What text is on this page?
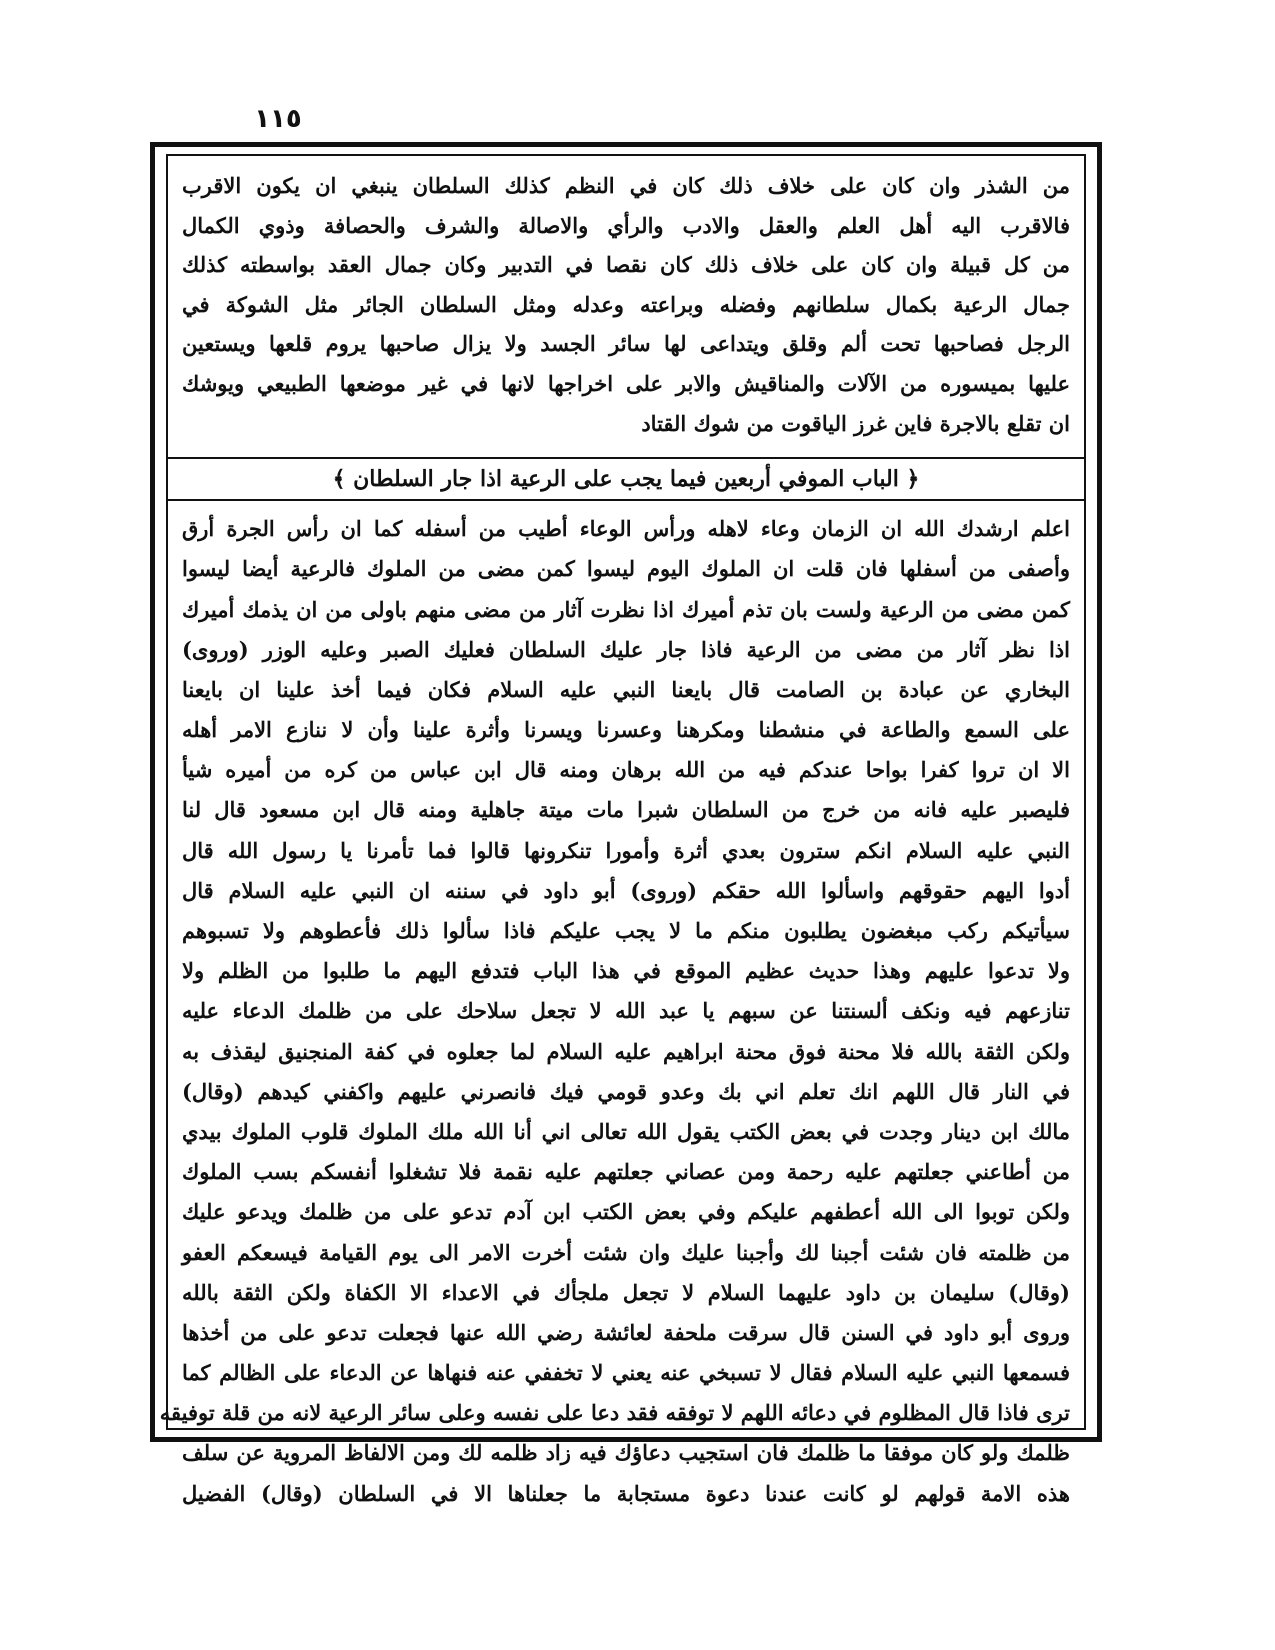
١١٥
من الشذر وان كان على خلاف ذلك كان في النظم كذلك السلطان ينبغي ان يكون الاقرب
فالاقرب اليه أهل العلم والعقل والادب والرأي والاصالة والشرف والحصافة وذوي الكمال
من كل قبيلة وان كان على خلاف ذلك كان نقصا في التدبير وكان جمال العقد بواسطته كذلك
جمال الرعية بكمال سلطانهم وفضله وبراعته وعدله ومثل السلطان الجائر مثل الشوكة في
الرجل فصاحبها تحت ألم وقلق ويتداعى لها سائر الجسد ولا يزال صاحبها يروم قلعها ويستعين
عليها بميسوره من الآلات والمناقيش والابر على اخراجها لانها في غير موضعها الطبيعي ويوشك
ان تقلع بالاجرة فاين غرز الياقوت من شوك القتاد
﴿ الباب الموفي أربعين فيما يجب على الرعية اذا جار السلطان ﴾
اعلم ارشدك الله ان الزمان وعاء لاهله ورأس الوعاء أطيب من أسفله كما ان رأس الجرة أرق
وأصفى من أسفلها فان قلت ان الملوك اليوم ليسوا كمن مضى من الملوك فالرعية أيضا ليسوا
كمن مضى من الرعية ولست بان تذم أميرك اذا نظرت آثار من مضى منهم باولى من ان يذمك أميرك
اذا نظر آثار من مضى من الرعية فاذا جار عليك السلطان فعليك الصبر وعليه الوزر (وروى)
البخاري عن عبادة بن الصامت قال بايعنا النبي عليه السلام فكان فيما أخذ علينا ان بايعنا
على السمع والطاعة في منشطنا ومكرهنا وعسرنا ويسرنا وأثرة علينا وأن لا ننازع الامر أهله
الا ان تروا كفرا بواحا عندكم فيه من الله برهان ومنه قال ابن عباس من كره من أميره شيأ
فليصبر عليه فانه من خرج من السلطان شبرا مات ميتة جاهلية ومنه قال ابن مسعود قال لنا
النبي عليه السلام انكم سترون بعدي أثرة وأمورا تنكرونها قالوا فما تأمرنا يا رسول الله قال
أدوا اليهم حقوقهم واسألوا الله حقكم (وروى) أبو داود في سننه ان النبي عليه السلام قال
سيأتيكم ركب مبغضون يطلبون منكم ما لا يجب عليكم فاذا سألوا ذلك فأعطوهم ولا تسبوهم
ولا تدعوا عليهم وهذا حديث عظيم الموقع في هذا الباب فتدفع اليهم ما طلبوا من الظلم ولا
تنازعهم فيه ونكف ألسنتنا عن سبهم يا عبد الله لا تجعل سلاحك على من ظلمك الدعاء عليه
ولكن الثقة بالله فلا محنة فوق محنة ابراهيم عليه السلام لما جعلوه في كفة المنجنيق ليقذف به
في النار قال اللهم انك تعلم اني بك وعدو قومي فيك فانصرني عليهم واكفني كيدهم (وقال)
مالك ابن دينار وجدت في بعض الكتب يقول الله تعالى اني أنا الله ملك الملوك قلوب الملوك بيدي
من أطاعني جعلتهم عليه رحمة ومن عصاني جعلتهم عليه نقمة فلا تشغلوا أنفسكم بسب الملوك
ولكن توبوا الى الله أعطفهم عليكم وفي بعض الكتب ابن آدم تدعو على من ظلمك ويدعو عليك
من ظلمته فان شئت أجبنا لك وأجبنا عليك وان شئت أخرت الامر الى يوم القيامة فيسعكم العفو
(وقال) سليمان بن داود عليهما السلام لا تجعل ملجأك في الاعداء الا الكفاة ولكن الثقة بالله
وروى أبو داود في السنن قال سرقت ملحفة لعائشة رضي الله عنها فجعلت تدعو على من أخذها
فسمعها النبي عليه السلام فقال لا تسبخي عنه يعني لا تخففي عنه فنهاها عن الدعاء على الظالم كما
ترى فاذا قال المظلوم في دعائه اللهم لا توفقه فقد دعا على نفسه وعلى سائر الرعية لانه من قلة توفيقه
ظلمك ولو كان موفقا ما ظلمك فان استجيب دعاؤك فيه زاد ظلمه لك ومن الالفاظ المروية عن سلف
هذه الامة قولهم لو كانت عندنا دعوة مستجابة ما جعلناها الا في السلطان (وقال) الفضيل
